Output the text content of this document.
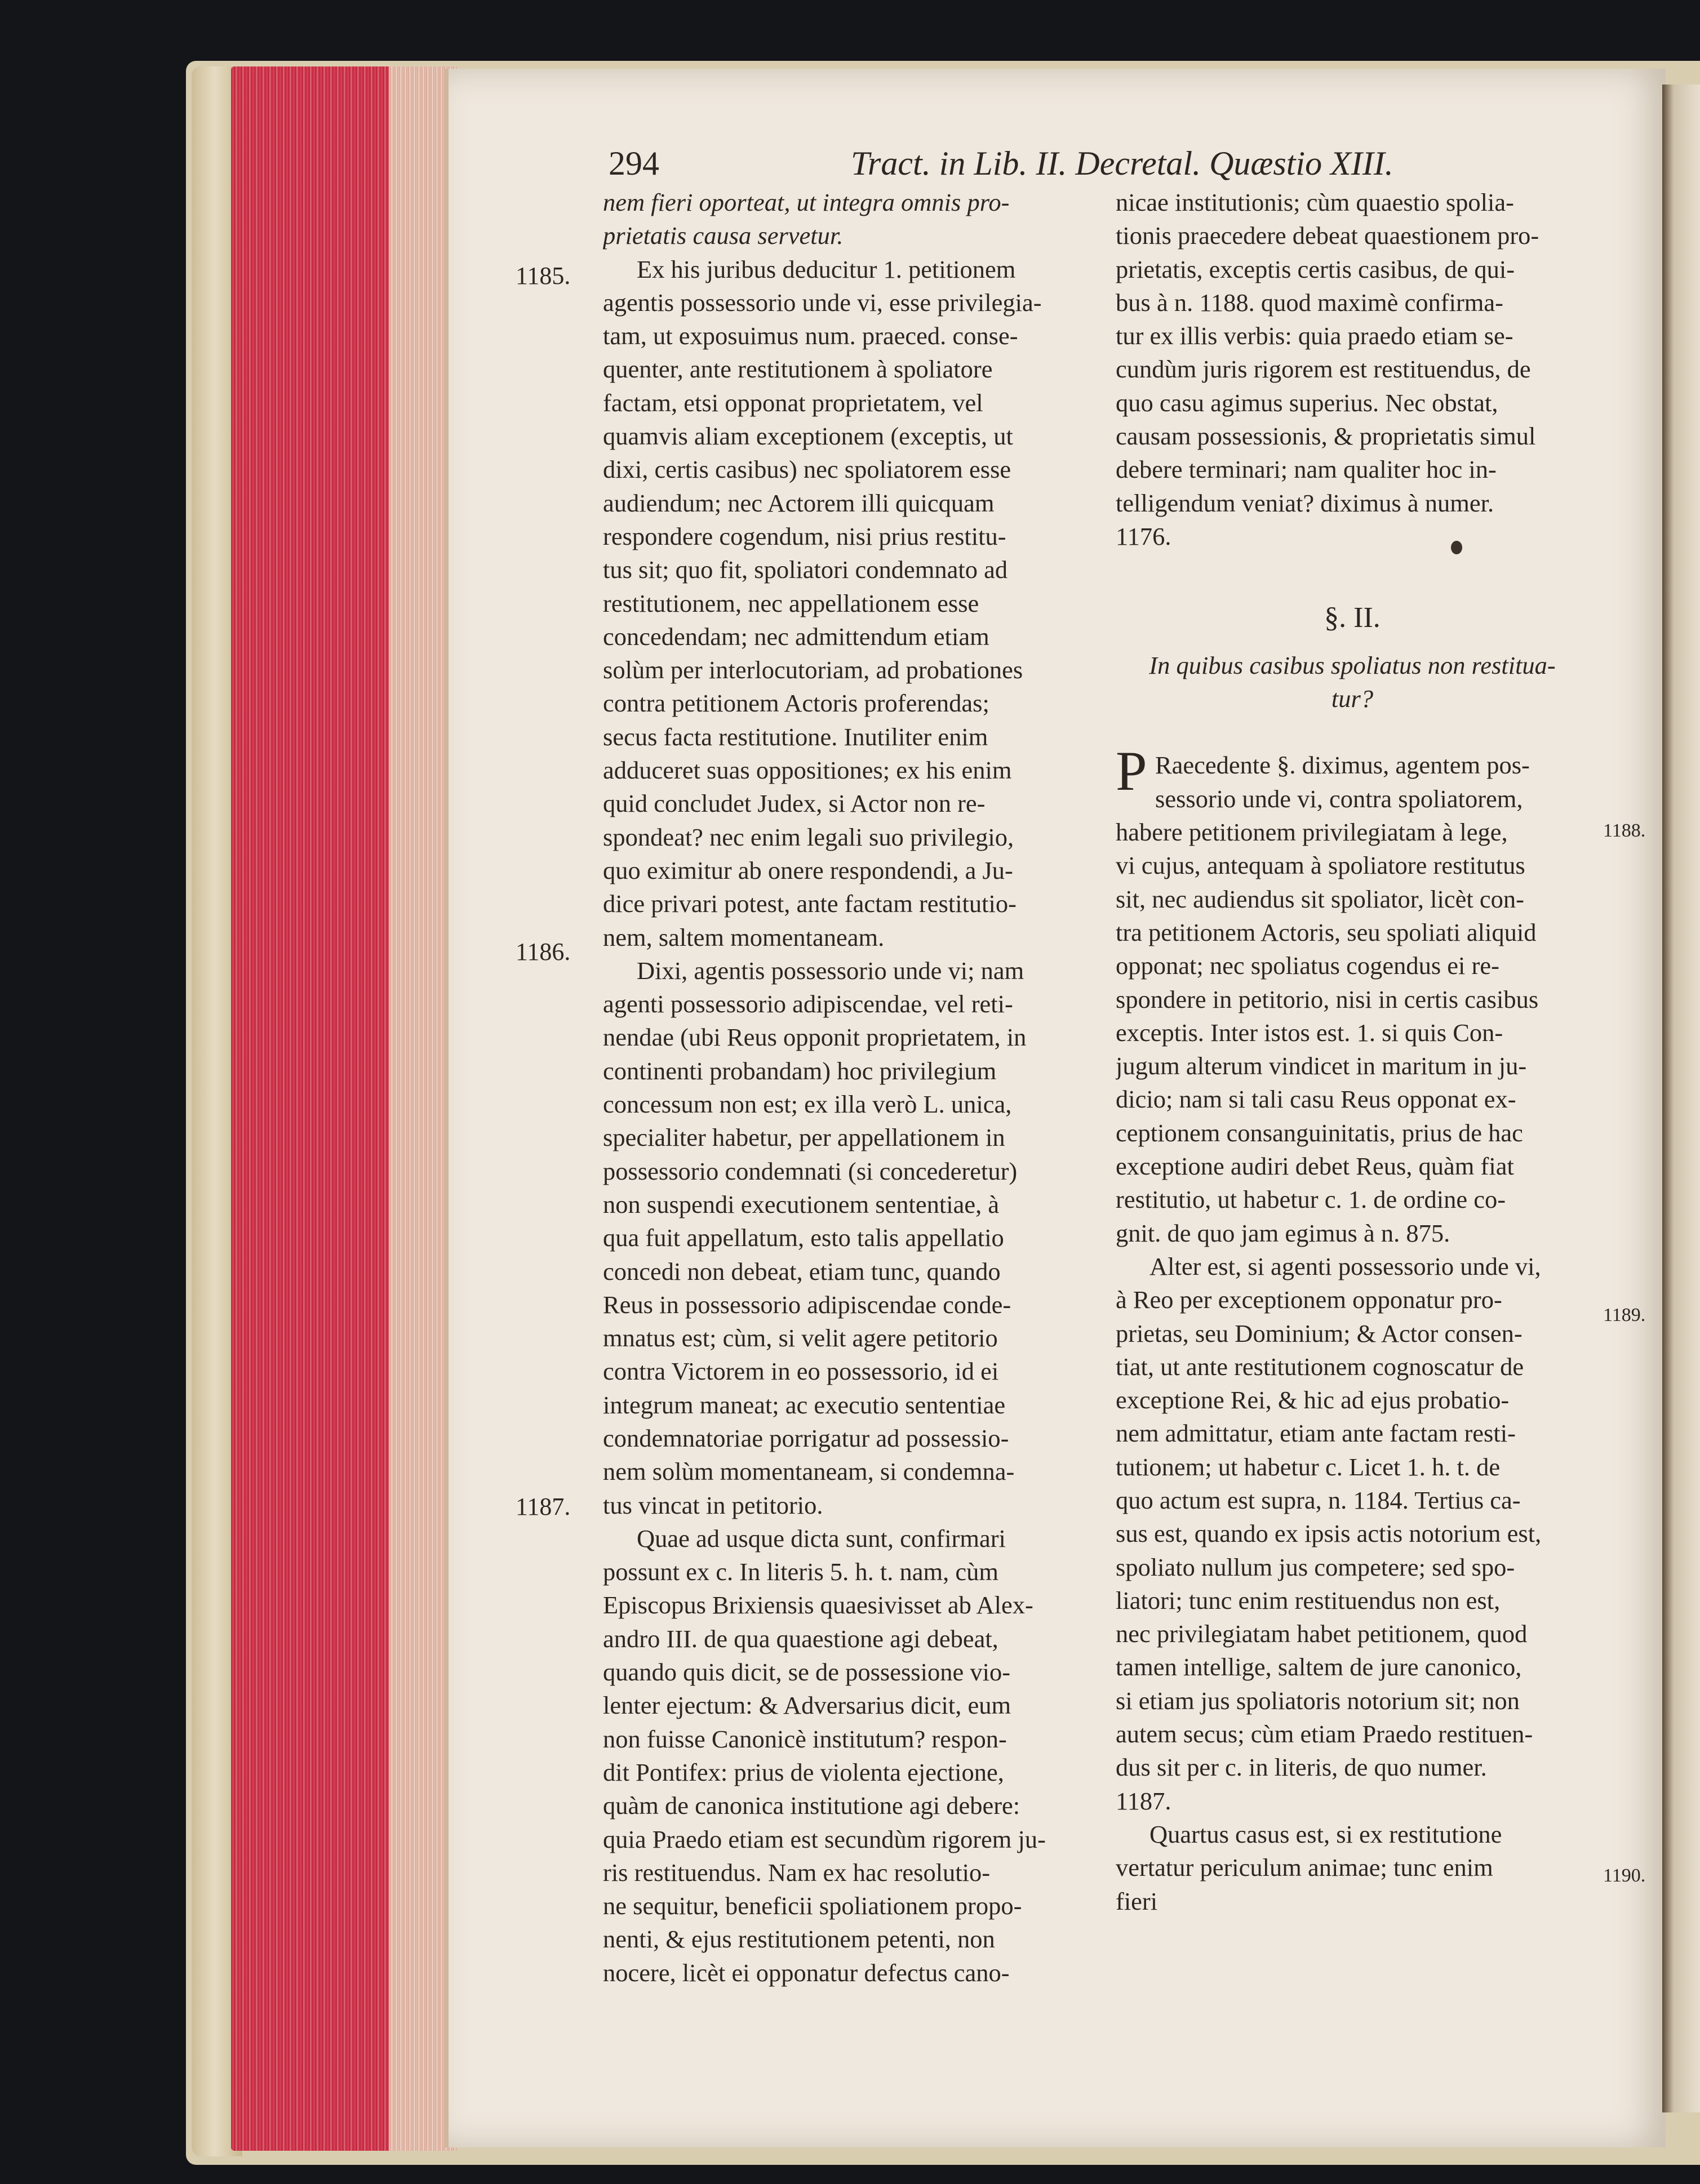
294	Tract. in Lib. II. Decretal. Quæstio XIII.
nem fieri oporteat, ut integra omnis pro-
prietatis causa servetur.
Ex his juribus deducitur 1. petitionem
agentis possessorio unde vi, esse privilegia-
tam, ut exposuimus num. praeced. conse-
quenter, ante restitutionem à spoliatore
factam, etsi opponat proprietatem, vel
quamvis aliam exceptionem (exceptis, ut
dixi, certis casibus) nec spoliatorem esse
audiendum; nec Actorem illi quicquam
respondere cogendum, nisi prius restitu-
tus sit; quo fit, spoliatori condemnato ad
restitutionem, nec appellationem esse
concedendam; nec admittendum etiam
solùm per interlocutoriam, ad probationes
contra petitionem Actoris proferendas;
secus facta restitutione. Inutiliter enim
adduceret suas oppositiones; ex his enim
quid concludet Judex, si Actor non re-
spondeat? nec enim legali suo privilegio,
quo eximitur ab onere respondendi, a Ju-
dice privari potest, ante factam restitutio-
nem, saltem momentaneam.
Dixi, agentis possessorio unde vi; nam
agenti possessorio adipiscendae, vel reti-
nendae (ubi Reus opponit proprietatem, in
continenti probandam) hoc privilegium
concessum non est; ex illa verò L. unica,
specialiter habetur, per appellationem in
possessorio condemnati (si concederetur)
non suspendi executionem sententiae, à
qua fuit appellatum, esto talis appellatio
concedi non debeat, etiam tunc, quando
Reus in possessorio adipiscendae conde-
mnatus est; cùm, si velit agere petitorio
contra Victorem in eo possessorio, id ei
integrum maneat; ac executio sententiae
condemnatoriae porrigatur ad possessio-
nem solùm momentaneam, si condemna-
tus vincat in petitorio.
Quae ad usque dicta sunt, confirmari
possunt ex c. In literis 5. h. t. nam, cùm
Episcopus Brixiensis quaesivisset ab Alex-
andro III. de qua quaestione agi debeat,
quando quis dicit, se de possessione vio-
lenter ejectum: & Adversarius dicit, eum
non fuisse Canonicè institutum? respon-
dit Pontifex: prius de violenta ejectione,
quàm de canonica institutione agi debere:
quia Praedo etiam est secundùm rigorem ju-
ris restituendus. Nam ex hac resolutio-
ne sequitur, beneficii spoliationem propo-
nenti, & ejus restitutionem petenti, non
nocere, licèt ei opponatur defectus cano-
nicae institutionis; cùm quaestio spolia-
tionis praecedere debeat quaestionem pro-
prietatis, exceptis certis casibus, de qui-
bus à n. 1188. quod maximè confirma-
tur ex illis verbis: quia praedo etiam se-
cundùm juris rigorem est restituendus, de
quo casu agimus superius. Nec obstat,
causam possessionis, & proprietatis simul
debere terminari; nam qualiter hoc in-
telligendum veniat? diximus à numer.
1176.
§. II.
In quibus casibus spoliatus non restitua-
tur?
P Raecedente §. diximus, agentem pos-
sessorio unde vi, contra spoliatorem,
habere petitionem privilegiatam à lege,
vi cujus, antequam à spoliatore restitutus
sit, nec audiendus sit spoliator, licèt con-
tra petitionem Actoris, seu spoliati aliquid
opponat; nec spoliatus cogendus ei re-
spondere in petitorio, nisi in certis casibus
exceptis. Inter istos est. 1. si quis Con-
jugum alterum vindicet in maritum in ju-
dicio; nam si tali casu Reus opponat ex-
ceptionem consanguinitatis, prius de hac
exceptione audiri debet Reus, quàm fiat
restitutio, ut habetur c. 1. de ordine co-
gnit. de quo jam egimus à n. 875.
Alter est, si agenti possessorio unde vi,
à Reo per exceptionem opponatur pro-
prietas, seu Dominium; & Actor consen-
tiat, ut ante restitutionem cognoscatur de
exceptione Rei, & hic ad ejus probatio-
nem admittatur, etiam ante factam resti-
tutionem; ut habetur c. Licet 1. h. t. de
quo actum est supra, n. 1184. Tertius ca-
sus est, quando ex ipsis actis notorium est,
spoliato nullum jus competere; sed spo-
liatori; tunc enim restituendus non est,
nec privilegiatam habet petitionem, quod
tamen intellige, saltem de jure canonico,
si etiam jus spoliatoris notorium sit; non
autem secus; cùm etiam Praedo restituen-
dus sit per c. in literis, de quo numer.
1187.
Quartus casus est, si ex restitutione
vertatur periculum animae; tunc enim
fieri
1185.
1186.
1187.
1188.
1189.
1190.
